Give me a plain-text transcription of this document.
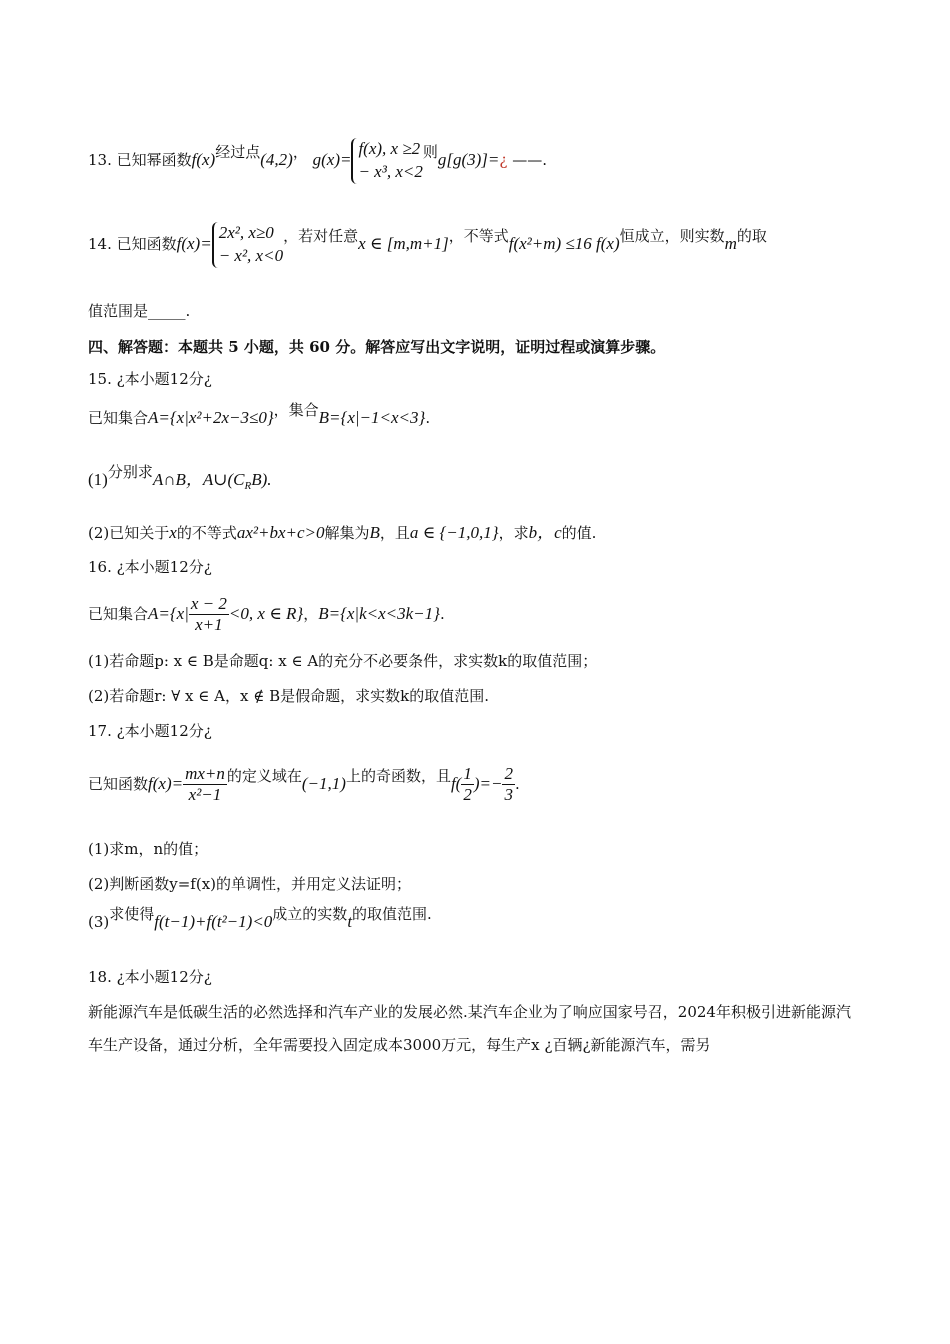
13. 已知幂函数f(x)经过点(4,2)， g(x)=f(x), x ≥2
− x³, x<2则g[g(3)]=¿ ——.
14. 已知函数f(x)=2x², x≥0
− x², x<0，若对任意x ∈ [m,m+1]，不等式f(x²+m) ≤16 f(x)恒成立，则实数m的取
值范围是_____.
四、解答题：本题共 5 小题，共 60 分。解答应写出文字说明，证明过程或演算步骤。
15. ¿本小题12分¿
已知集合A={x|x²+2x−3≤0}，集合B={x|−1<x<3}.
(1)分别求A∩B，$A\cup(C_RB)$.
(2)已知关于x的不等式ax²+bx+c>0解集为B，且a ∈ {−1,0,1}，求b，c的值.
16. ¿本小题12分¿
已知集合$A=\{x| \frac{x - 2}{x+1} <0$, x ∈ R}，B={x|k<x<3k−1}.
(1)若命题p: x ∈ B是命题q: x ∈ A的充分不必要条件，求实数k的取值范围；
(2)若命题r: ∀ x ∈ A，x ∉ B是假命题，求实数k的取值范围.
17. ¿本小题12分¿
已知函数$f(x)= \frac{mx+n}{\text{x²−1}}$ 的定义域在(−1,1)上的奇函数，且$f( \frac{1}{2}$ )=− $\frac{2}{3}$ .
(1)求m，n的值；
(2)判断函数y=f(x)的单调性，并用定义法证明；
(3)求使得f(t−1)+f(t²−1)<0成立的实数t的取值范围.
18. ¿本小题12分¿
新能源汽车是低碳生活的必然选择和汽车产业的发展必然.某汽车企业为了响应国家号召，2024年积极引进新能源汽车生产设备，通过分析，全年需要投入固定成本3000万元，每生产x ¿百辆¿新能源汽车，需另
